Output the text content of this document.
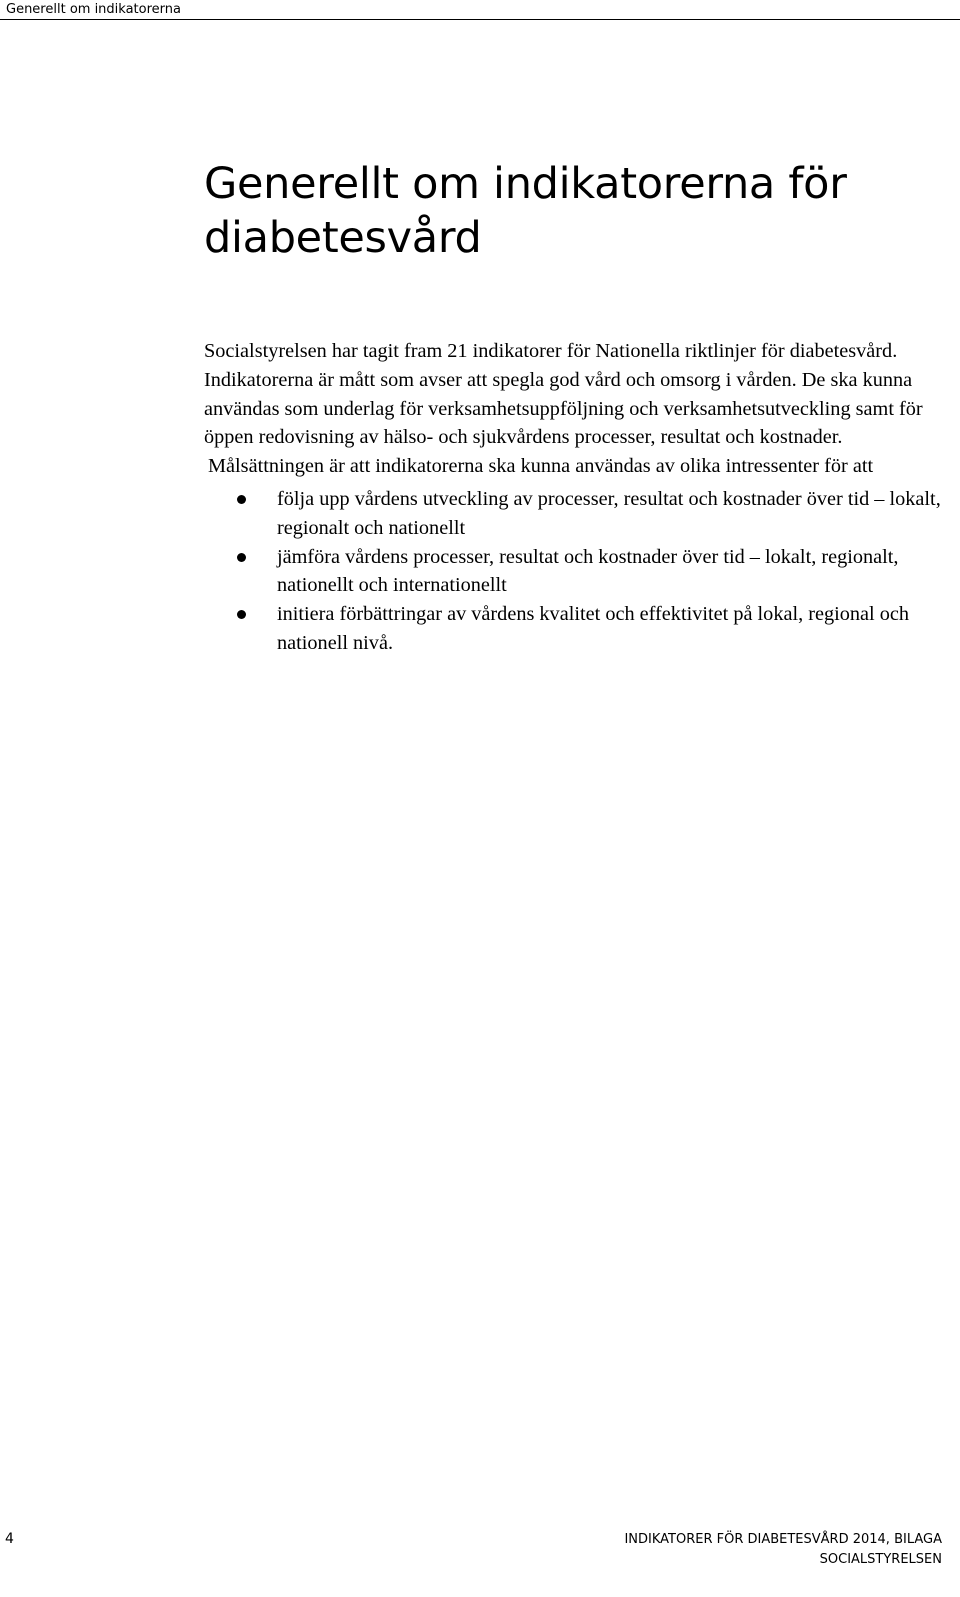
Generellt om indikatorerna
Generellt om indikatorerna för diabetesvård

Socialstyrelsen har tagit fram 21 indikatorer för Nationella riktlinjer för diabetesvård. Indikatorerna är mått som avser att spegla god vård och omsorg i vården. De ska kunna användas som underlag för verksamhetsuppföljning och verksamhetsutveckling samt för öppen redovisning av hälso- och sjukvårdens processer, resultat och kostnader.

Målsättningen är att indikatorerna ska kunna användas av olika intressenter för att

följa upp vårdens utveckling av processer, resultat och kostnader över tid – lokalt, regionalt och nationellt
jämföra vårdens processer, resultat och kostnader över tid – lokalt, regionalt, nationellt och internationellt
initiera förbättringar av vårdens kvalitet och effektivitet på lokal, regional och nationell nivå.
4	INDIKATORER FÖR DIABETESVÅRD 2014, BILAGA
SOCIALSTYRELSEN
